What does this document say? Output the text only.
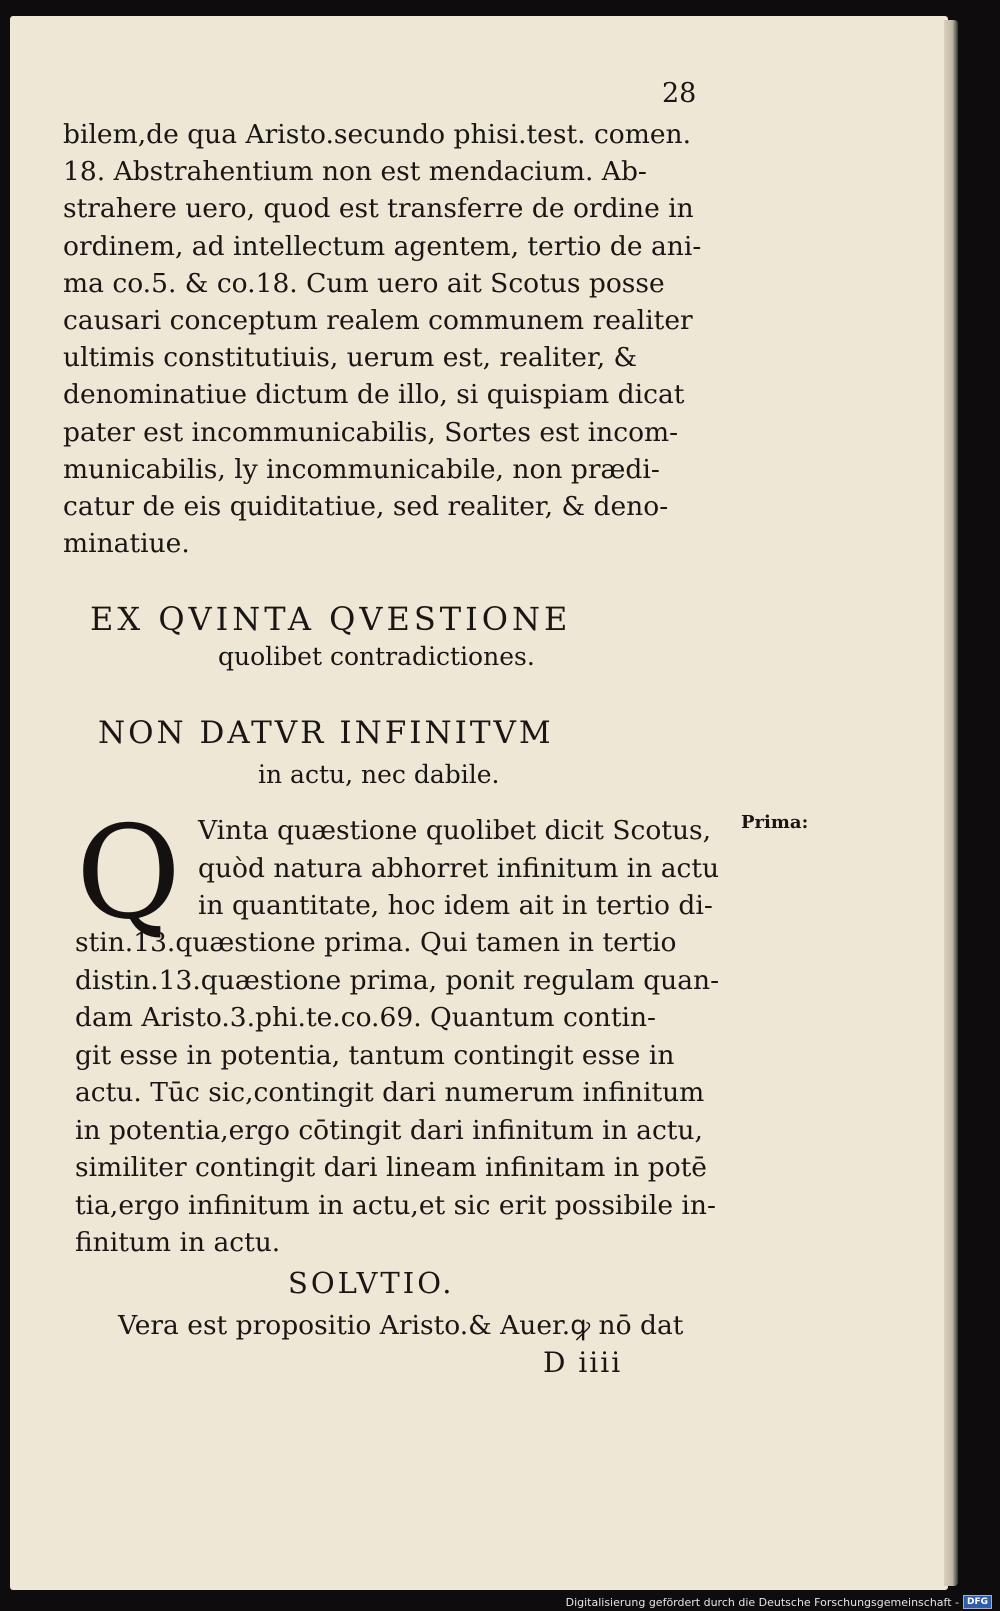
28
bilem,de qua Aristo.secundo phisi.test. comen.
18. Abstrahentium non est mendacium. Ab-
strahere uero, quod est transferre de ordine in
ordinem, ad intellectum agentem, tertio de ani-
ma co.5. & co.18. Cum uero ait Scotus posse
causari conceptum realem communem realiter
ultimis constitutiuis, uerum est, realiter, &
denominatiue dictum de illo, si quispiam dicat
pater est incommunicabilis, Sortes est incom-
municabilis, ly incommunicabile, non prædi-
catur de eis quiditatiue, sed realiter, & deno-
minatiue.
EX QVINTA QVESTIONE
quolibet contradictiones.
NON DATVR INFINITVM
in actu, nec dabile.
Q	Prima:
Vinta quæstione quolibet dicit Scotus,
quòd natura abhorret infinitum in actu
in quantitate, hoc idem ait in tertio di-
stin.13.quæstione prima. Qui tamen in tertio
distin.13.quæstione prima, ponit regulam quan-
dam Aristo.3.phi.te.co.69. Quantum contin-
git esse in potentia, tantum contingit esse in
actu. Tūc sic,contingit dari numerum infinitum
in potentia,ergo cōtingit dari infinitum in actu,
similiter contingit dari lineam infinitam in potē
tia,ergo infinitum in actu,et sic erit possibile in-
finitum in actu.
SOLVTIO.
Vera est propositio Aristo.& Auer.ꝙ nō dat
D iiii
Digitalisierung gefördert durch die Deutsche Forschungsgemeinschaft - DFG
